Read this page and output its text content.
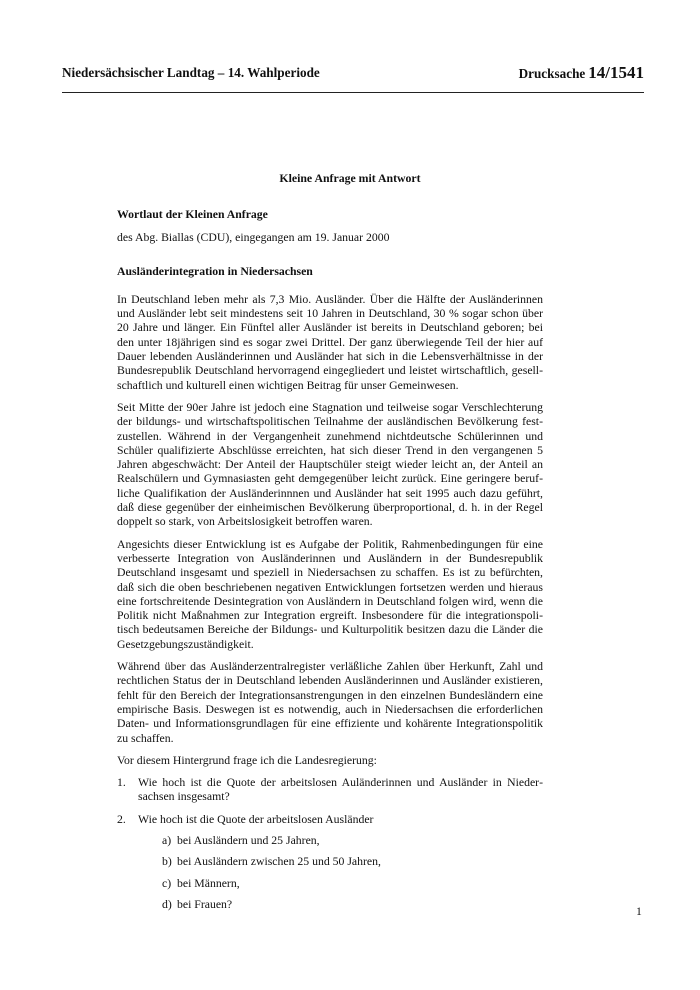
Niedersächsischer Landtag – 14. Wahlperiode	Drucksache 14/1541
Kleine Anfrage mit Antwort

Wortlaut der Kleinen Anfrage

des Abg. Biallas (CDU), eingegangen am 19. Januar 2000

Ausländerintegration in Niedersachsen

In Deutschland leben mehr als 7,3 Mio. Ausländer. Über die Hälfte der Ausländerinnen und Ausländer lebt seit mindestens seit 10 Jahren in Deutschland, 30 % sogar schon über 20 Jahre und länger. Ein Fünftel aller Ausländer ist bereits in Deutschland geboren; bei den unter 18jährigen sind es sogar zwei Drittel. Der ganz überwiegende Teil der hier auf Dauer lebenden Ausländerinnen und Ausländer hat sich in die Lebensverhältnisse in der Bundesrepublik Deutschland hervorragend eingegliedert und leistet wirtschaftlich, gesellschaftlich und kulturell einen wichtigen Beitrag für unser Gemeinwesen.

Seit Mitte der 90er Jahre ist jedoch eine Stagnation und teilweise sogar Verschlechterung der bildungs- und wirtschaftspolitischen Teilnahme der ausländischen Bevölkerung festzustellen. Während in der Vergangenheit zunehmend nichtdeutsche Schülerinnen und Schüler qualifizierte Abschlüsse erreichten, hat sich dieser Trend in den vergangenen 5 Jahren abgeschwächt: Der Anteil der Hauptschüler steigt wieder leicht an, der Anteil an Realschülern und Gymnasiasten geht demgegenüber leicht zurück. Eine geringere berufliche Qualifikation der Ausländerinnnen und Ausländer hat seit 1995 auch dazu geführt, daß diese gegenüber der einheimischen Bevölkerung überproportional, d. h. in der Regel doppelt so stark, von Arbeitslosigkeit betroffen waren.

Angesichts dieser Entwicklung ist es Aufgabe der Politik, Rahmenbedingungen für eine verbesserte Integration von Ausländerinnen und Ausländern in der Bundesrepublik Deutschland insgesamt und speziell in Niedersachsen zu schaffen. Es ist zu befürchten, daß sich die oben beschriebenen negativen Entwicklungen fortsetzen werden und hieraus eine fortschreitende Desintegration von Ausländern in Deutschland folgen wird, wenn die Politik nicht Maßnahmen zur Integration ergreift. Insbesondere für die integrationspolitisch bedeutsamen Bereiche der Bildungs- und Kulturpolitik besitzen dazu die Länder die Gesetzgebungszuständigkeit.

Während über das Ausländerzentralregister verläßliche Zahlen über Herkunft, Zahl und rechtlichen Status der in Deutschland lebenden Ausländerinnen und Ausländer existieren, fehlt für den Bereich der Integrationsanstrengungen in den einzelnen Bundesländern eine empirische Basis. Deswegen ist es notwendig, auch in Niedersachsen die erforderlichen Daten- und Informationsgrundlagen für eine effiziente und kohärente Integrationspolitik zu schaffen.

Vor diesem Hintergrund frage ich die Landesregierung:

1. Wie hoch ist die Quote der arbeitslosen Auländerinnen und Ausländer in Niedersachsen insgesamt?
2. Wie hoch ist die Quote der arbeitslosen Ausländer
a) bei Ausländern und 25 Jahren,
b) bei Ausländern zwischen 25 und 50 Jahren,
c) bei Männern,
d) bei Frauen?
1
